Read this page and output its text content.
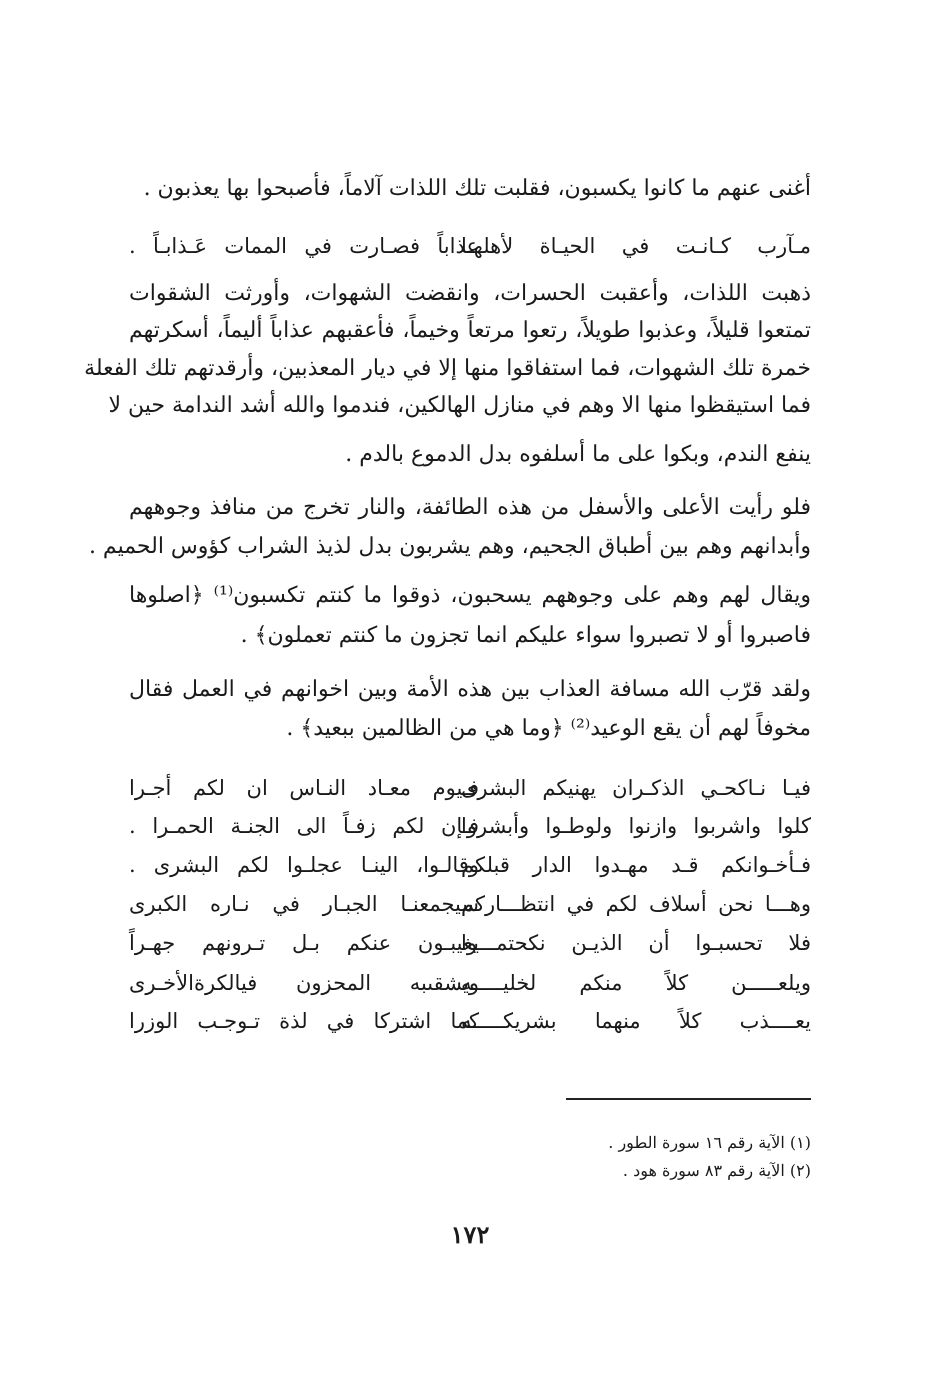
أغنى عنهم ما كانوا يكسبون، فقلبت تلك اللذات آلاماً، فأصبحوا بها يعذبون .
مـآرب كـانـت في الحيـاة لأهلهـا
عذاباً فصـارت في الممات عَـذابـاً .
ذهبت اللذات، وأعقبت الحسرات، وانقضت الشهوات، وأورثت الشقوات
تمتعوا قليلاً، وعذبوا طويلاً، رتعوا مرتعاً وخيماً، فأعقبهم عذاباً أليماً، أسكرتهم
خمرة تلك الشهوات، فما استفاقوا منها إلا في ديار المعذبين، وأرقدتهم تلك الفعلة
فما استيقظوا منها الا وهم في منازل الهالكين، فندموا والله أشد الندامة حين لا
ينفع الندم، وبكوا على ما أسلفوه بدل الدموع بالدم .
فلو رأيت الأعلى والأسفل من هذه الطائفة، والنار تخرج من منافذ وجوههم
وأبدانهم وهم بين أطباق الجحيم، وهم يشربون بدل لذيذ الشراب كؤوس الحميم .
ويقال لهم وهم على وجوههم يسحبون، ذوقوا ما كنتم تكسبون⁽¹⁾ ﴿اصلوها
فاصبروا أو لا تصبروا سواء عليكم انما تجزون ما كنتم تعملون﴾ .
ولقد قرّب الله مسافة العذاب بين هذه الأمة وبين اخوانهم في العمل فقال
مخوفاً لهم أن يقع الوعيد⁽²⁾ ﴿وما هي من الظالمين ببعيد﴾ .
فيـا نـاكحـي الذكـران يهنيكم البشرى
فـيوم معـاد النـاس ان لكم أجـرا
كلوا واشربوا وازنوا ولوطـوا وأبشروا
فـإن لكم زفـاً الى الجنـة الحمـرا .
فـأخـوانكم قـد مهـدوا الدار قبلكم
وقالـوا، الينـا عجلـوا لكم البشرى .
وهـــا نحن أسلاف لكم في انتظـــاركم
سيجمعنـا الجبـار في نـاره الكبرى
فلا تحسبـوا أن الذيـن نكحتمـــوا
يغيبـون عنكم بـل تـرونهم جهـراً
ويلعـــــن كلاً منكم لخليـــــه
ويشقىبه المحزون فيالكرةالأخـرى
يعــــذب كلاً منهما بشريكـــــه
كما اشتركا في لذة تـوجـب الوزرا
(١) الآية رقم ١٦ سورة الطور .
(٢) الآية رقم ٨٣ سورة هود .
١٧٢
